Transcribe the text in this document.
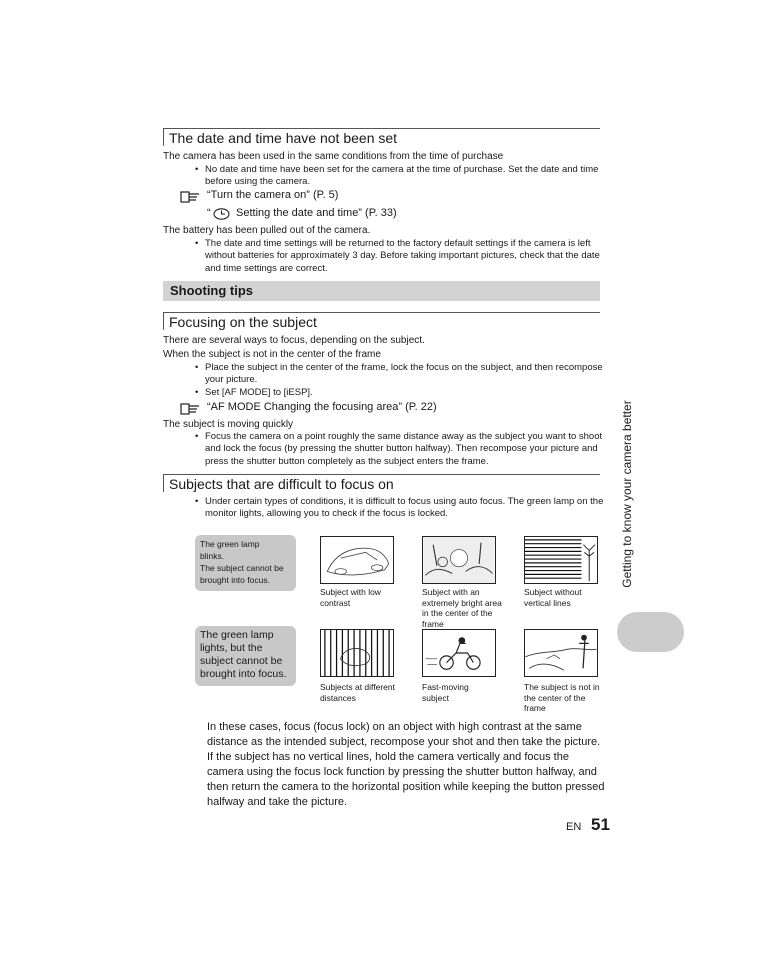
The date and time have not been set
The camera has been used in the same conditions from the time of purchase
• No date and time have been set for the camera at the time of purchase. Set the date and time before using the camera.
“Turn the camera on” (P. 5)
“ Setting the date and time” (P. 33)
The battery has been pulled out of the camera.
• The date and time settings will be returned to the factory default settings if the camera is left without batteries for approximately 3 day. Before taking important pictures, check that the date and time settings are correct.
Shooting tips
Focusing on the subject
There are several ways to focus, depending on the subject.
When the subject is not in the center of the frame
• Place the subject in the center of the frame, lock the focus on the subject, and then recompose your picture.
• Set [AF MODE] to [iESP].
“AF MODE Changing the focusing area” (P. 22)
The subject is moving quickly
• Focus the camera on a point roughly the same distance away as the subject you want to shoot and lock the focus (by pressing the shutter button halfway). Then recompose your picture and press the shutter button completely as the subject enters the frame.
Subjects that are difficult to focus on
• Under certain types of conditions, it is difficult to focus using auto focus. The green lamp on the monitor lights, allowing you to check if the focus is locked.
The green lamp
blinks.
The subject cannot be
brought into focus.
The green lamp
lights, but the
subject cannot be
brought into focus.
Subject with low contrast
Subject with an extremely bright area in the center of the frame
Subject without vertical lines
Subjects at different distances
Fast-moving subject
The subject is not in the center of the frame
In these cases, focus (focus lock) on an object with high contrast at the same distance as the intended subject, recompose your shot and then take the picture. If the subject has no vertical lines, hold the camera vertically and focus the camera using the focus lock function by pressing the shutter button halfway, and then return the camera to the horizontal position while keeping the button pressed halfway and take the picture.
Getting to know your camera better
EN 51
